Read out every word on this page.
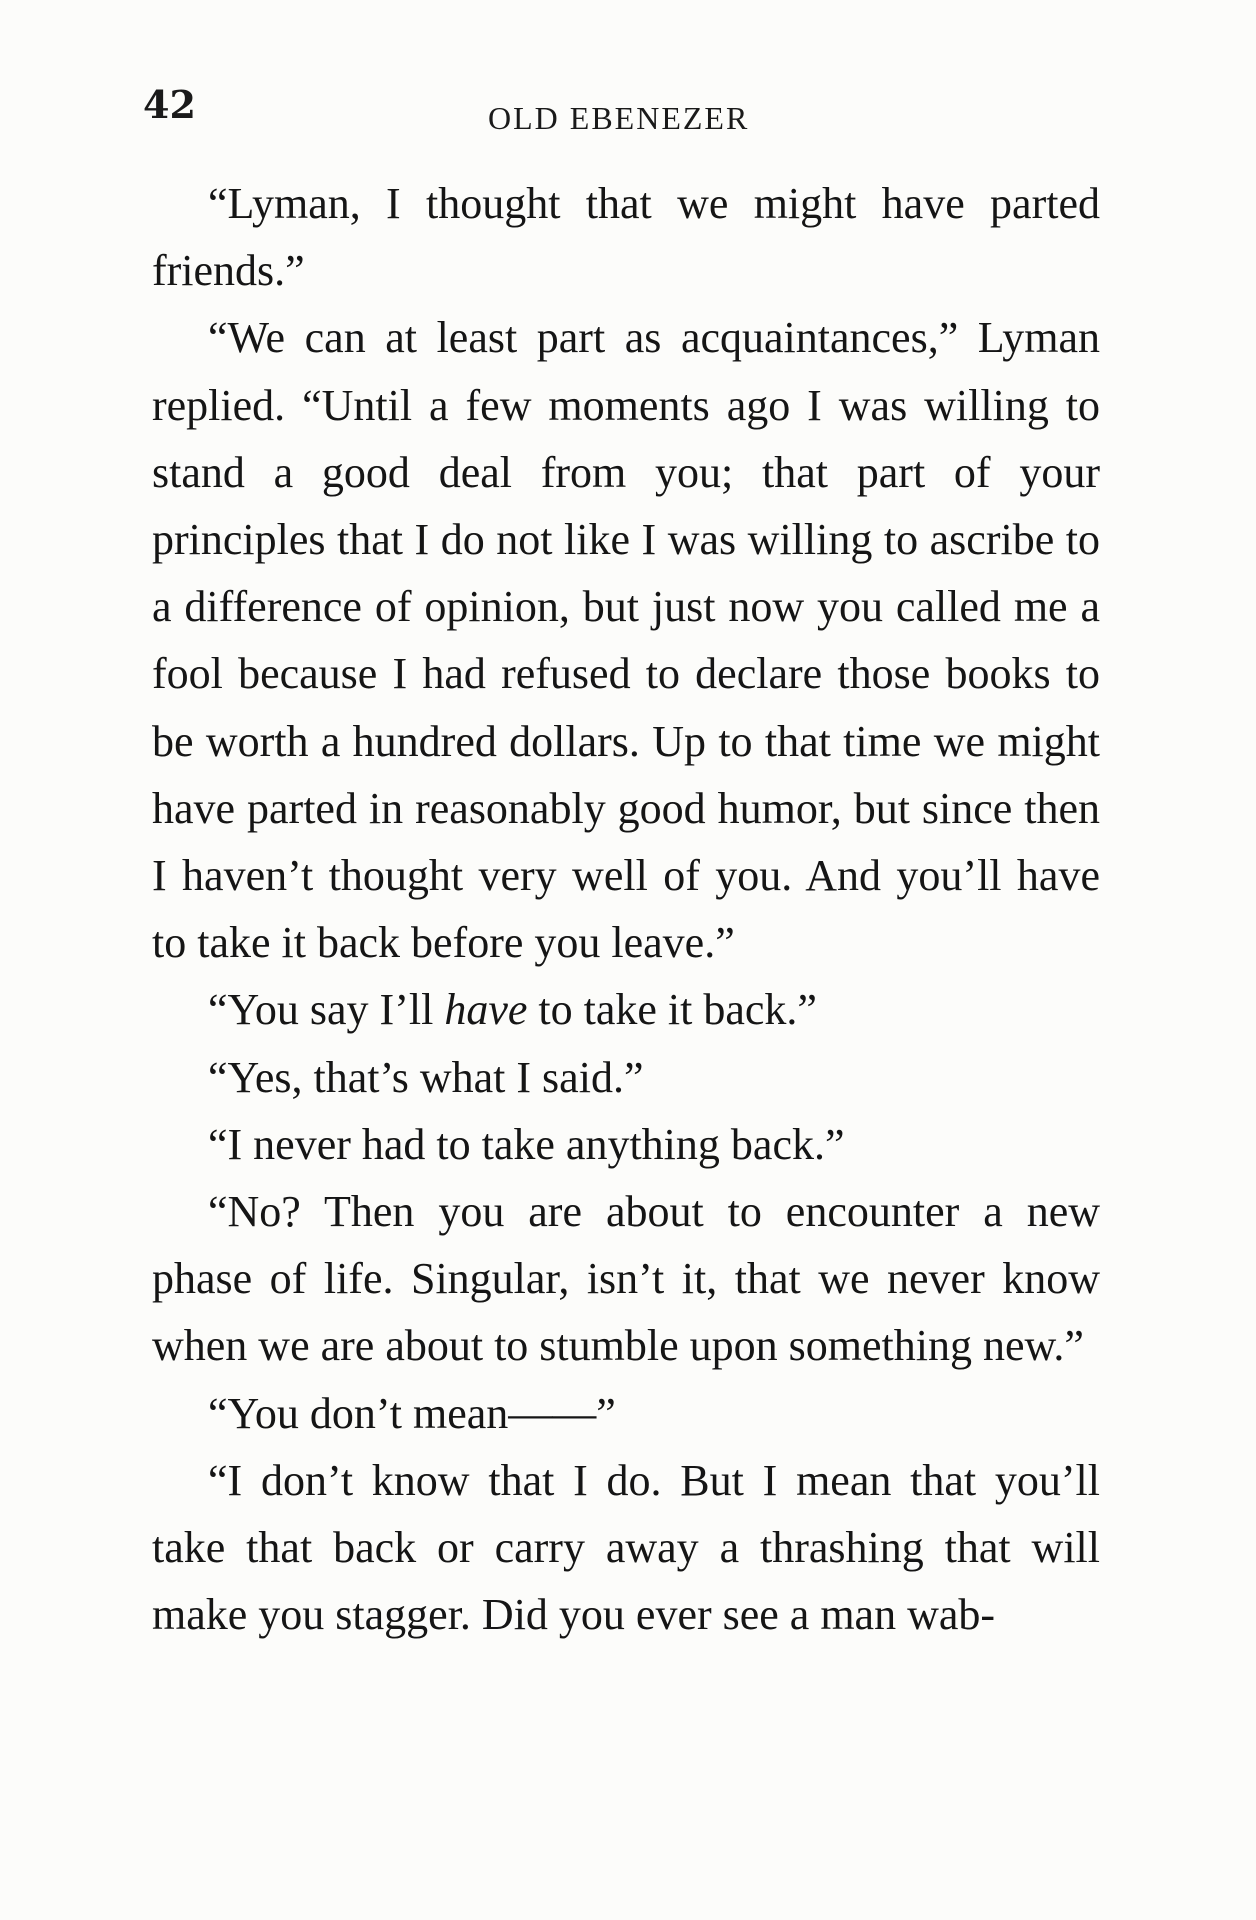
42	OLD EBENEZER

“Lyman, I thought that we might have parted friends.”

“We can at least part as acquaintances,” Lyman replied. “Until a few moments ago I was willing to stand a good deal from you; that part of your principles that I do not like I was willing to ascribe to a difference of opinion, but just now you called me a fool because I had refused to declare those books to be worth a hundred dollars. Up to that time we might have parted in reasonably good humor, but since then I haven’t thought very well of you. And you’ll have to take it back before you leave.”

“You say I’ll have to take it back.”

“Yes, that’s what I said.”

“I never had to take anything back.”

“No? Then you are about to encounter a new phase of life. Singular, isn’t it, that we never know when we are about to stumble upon something new.”

“You don’t mean——”

“I don’t know that I do. But I mean that you’ll take that back or carry away a thrashing that will make you stagger. Did you ever see a man wab-
